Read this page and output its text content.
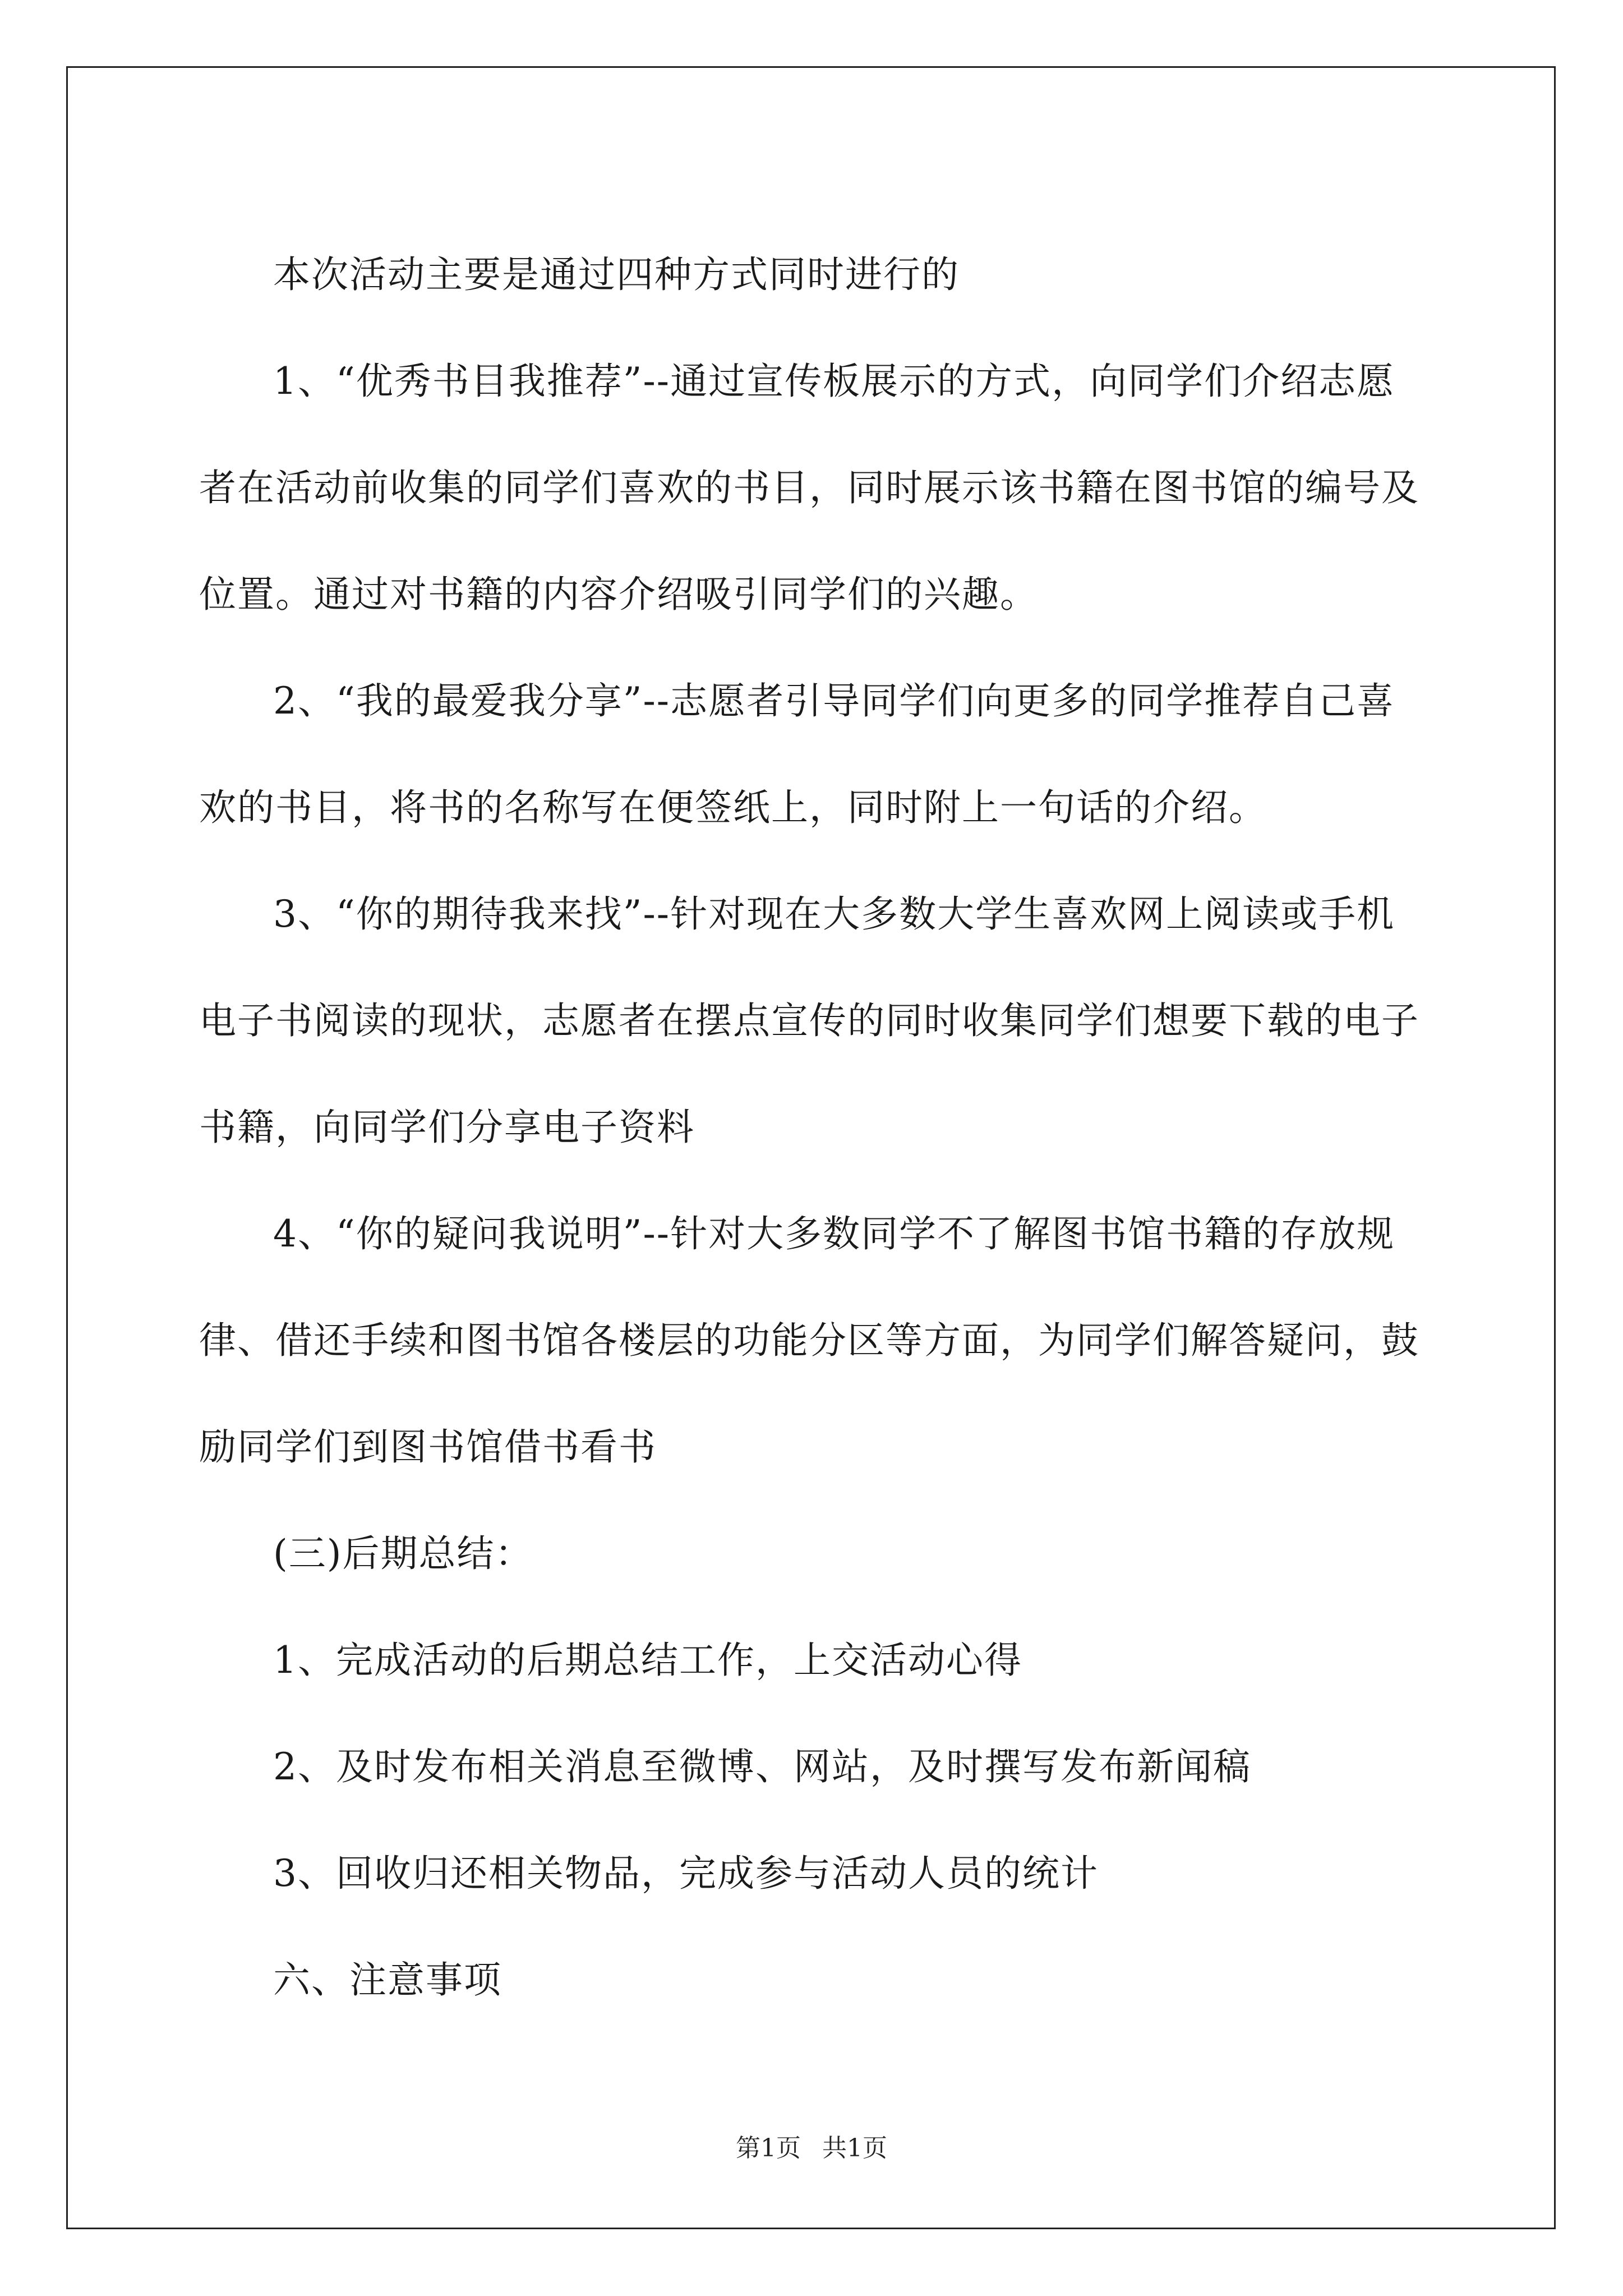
本次活动主要是通过四种方式同时进行的

1、“优秀书目我推荐”--通过宣传板展示的方式，向同学们介绍志愿者在活动前收集的同学们喜欢的书目，同时展示该书籍在图书馆的编号及位置。通过对书籍的内容介绍吸引同学们的兴趣。

2、“我的最爱我分享”--志愿者引导同学们向更多的同学推荐自己喜欢的书目，将书的名称写在便签纸上，同时附上一句话的介绍。

3、“你的期待我来找”--针对现在大多数大学生喜欢网上阅读或手机电子书阅读的现状，志愿者在摆点宣传的同时收集同学们想要下载的电子书籍，向同学们分享电子资料

4、“你的疑问我说明”--针对大多数同学不了解图书馆书籍的存放规律、借还手续和图书馆各楼层的功能分区等方面，为同学们解答疑问，鼓励同学们到图书馆借书看书

(三)后期总结：

1、完成活动的后期总结工作，上交活动心得

2、及时发布相关消息至微博、网站，及时撰写发布新闻稿

3、回收归还相关物品，完成参与活动人员的统计

六、注意事项

第1页 共1页
